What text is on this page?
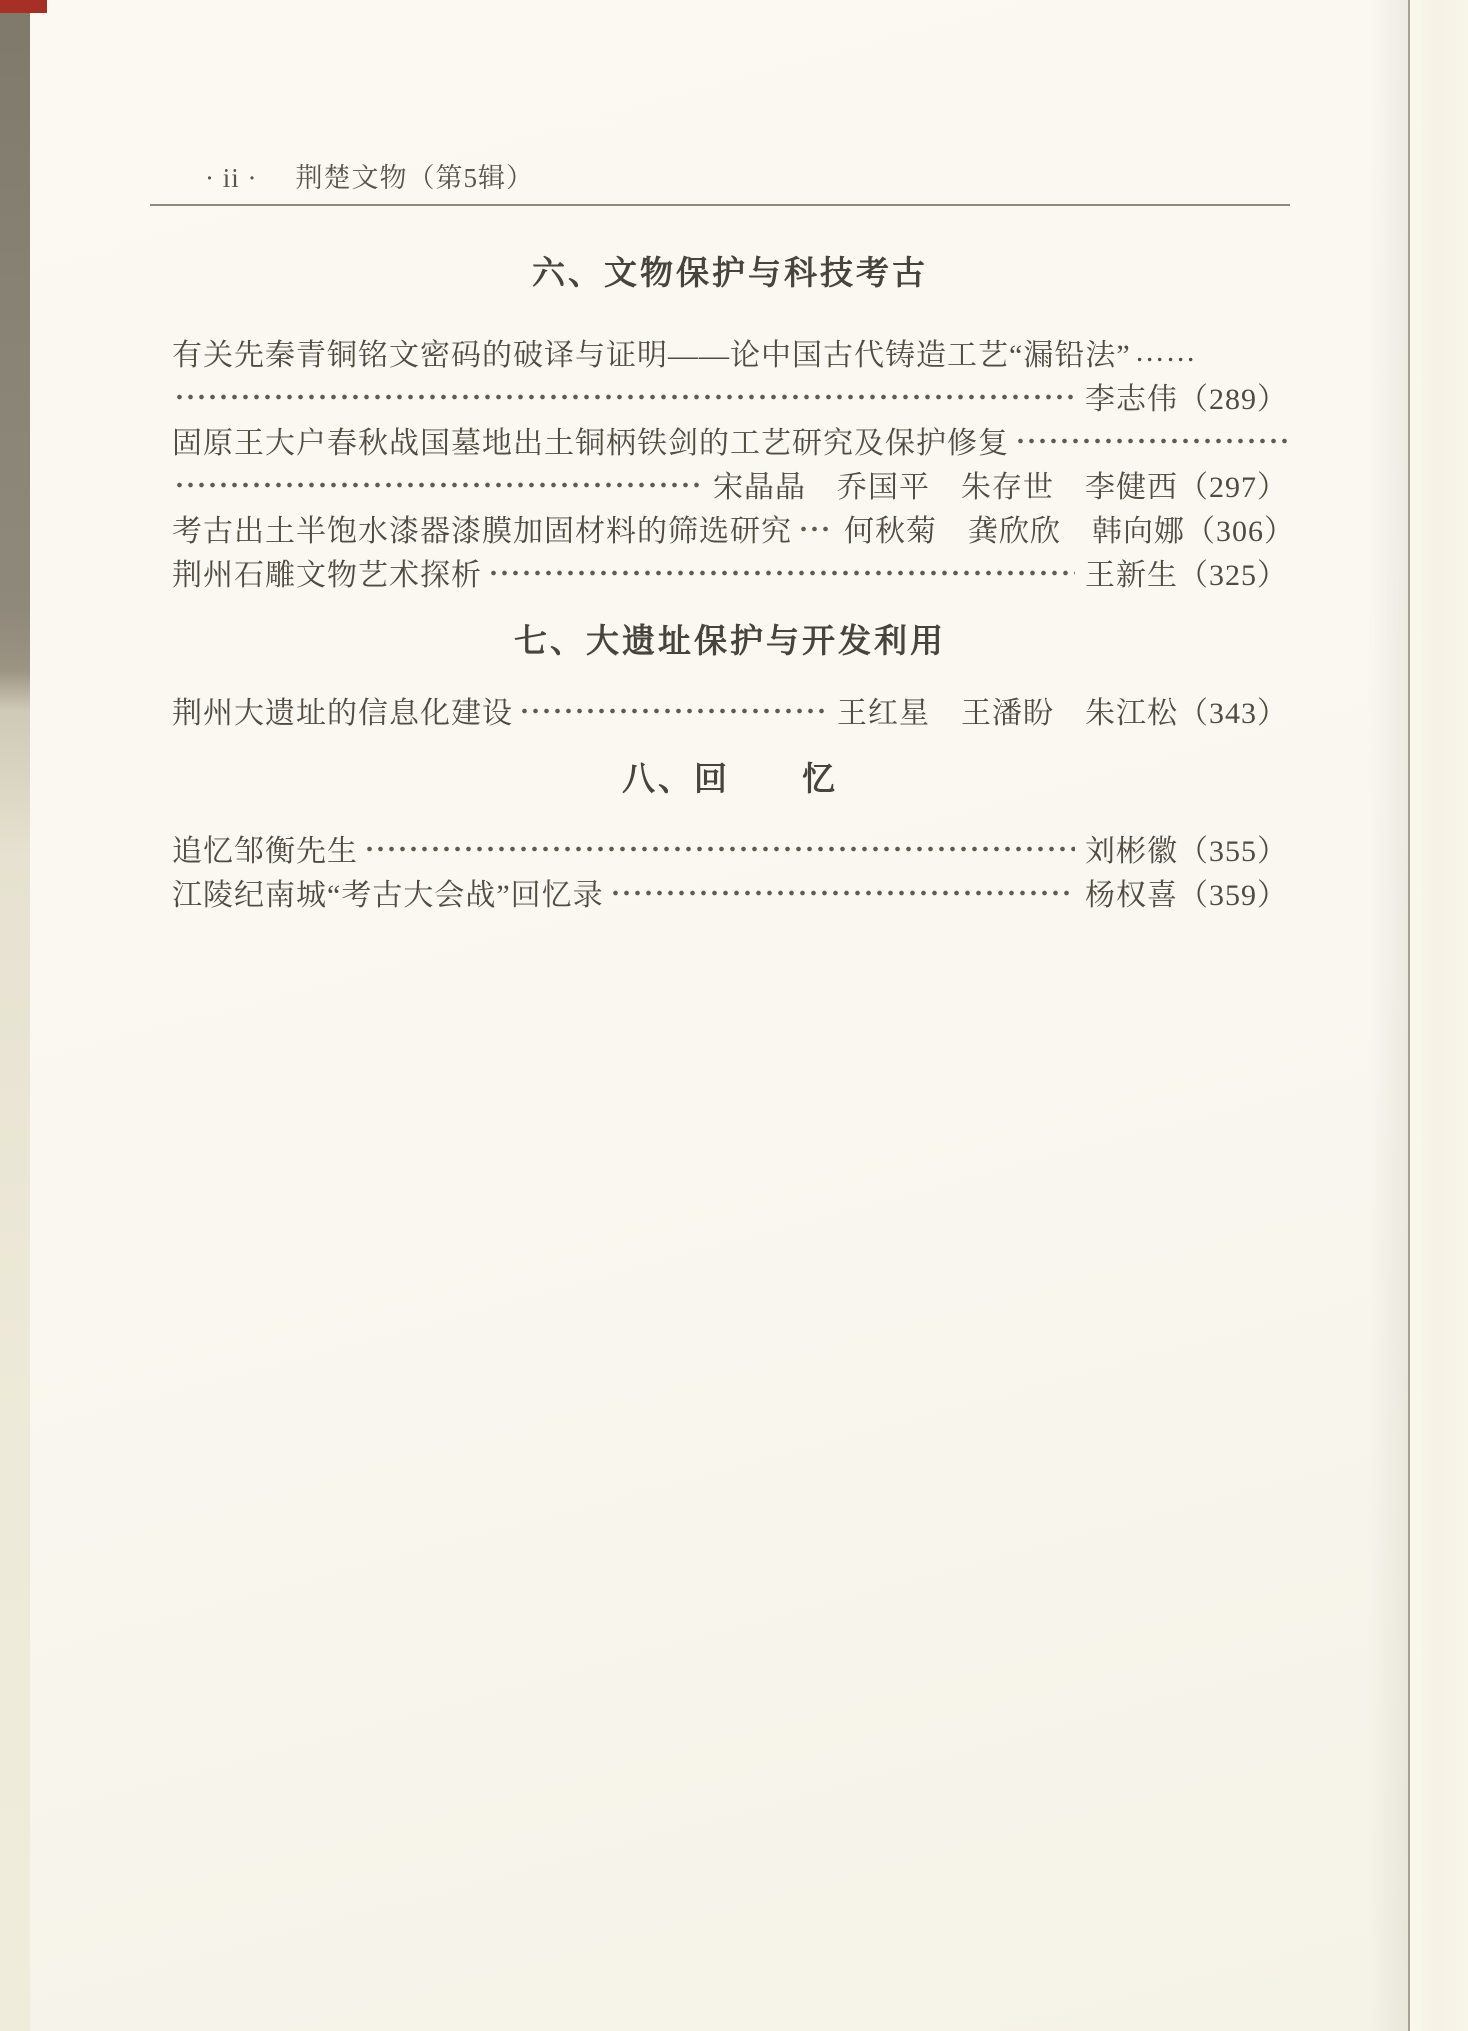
· ii · 荆楚文物（第5辑）
六、文物保护与科技考古
有关先秦青铜铭文密码的破译与证明——论中国古代铸造工艺“漏铅法” ……
李志伟 （289）
固原王大户春秋战国墓地出土铜柄铁剑的工艺研究及保护修复
宋晶晶　乔国平　朱存世　李健西 （297）
考古出土半饱水漆器漆膜加固材料的筛选研究 何秋菊　龚欣欣　韩向娜 （306）
荆州石雕文物艺术探析	王新生 （325）
七、大遗址保护与开发利用
荆州大遗址的信息化建设	王红星　王潘盼　朱江松 （343）
八、回　　忆
追忆邹衡先生	刘彬徽 （355）
江陵纪南城“考古大会战”回忆录	杨权喜 （359）
